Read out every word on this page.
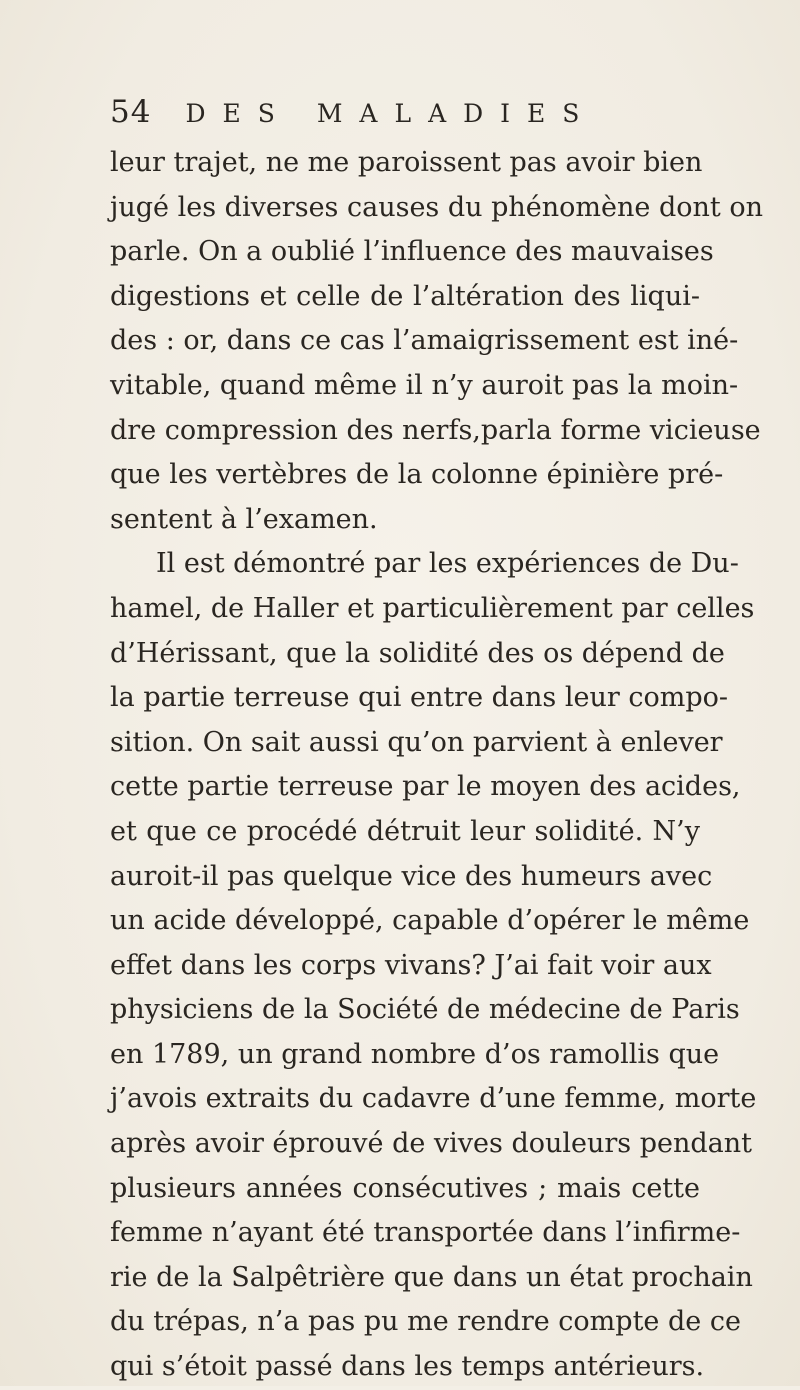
54 DES MALADIES
leur trajet, ne me paroissent pas avoir bien
jugé les diverses causes du phénomène dont on
parle. On a oublié l’influence des mauvaises
digestions et celle de l’altération des liqui-
des : or, dans ce cas l’amaigrissement est iné-
vitable, quand même il n’y auroit pas la moin-
dre compression des nerfs,parla forme vicieuse
que les vertèbres de la colonne épinière pré-
sentent à l’examen.
Il est démontré par les expériences de Du-
hamel, de Haller et particulièrement par celles
d’Hérissant, que la solidité des os dépend de
la partie terreuse qui entre dans leur compo-
sition. On sait aussi qu’on parvient à enlever
cette partie terreuse par le moyen des acides,
et que ce procédé détruit leur solidité. N’y
auroit-il pas quelque vice des humeurs avec
un acide développé, capable d’opérer le même
effet dans les corps vivans? J’ai fait voir aux
physiciens de la Société de médecine de Paris
en 1789, un grand nombre d’os ramollis que
j’avois extraits du cadavre d’une femme, morte
après avoir éprouvé de vives douleurs pendant
plusieurs années consécutives ; mais cette
femme n’ayant été transportée dans l’infirme-
rie de la Salpêtrière que dans un état prochain
du trépas, n’a pas pu me rendre compte de ce
qui s’étoit passé dans les temps antérieurs.
